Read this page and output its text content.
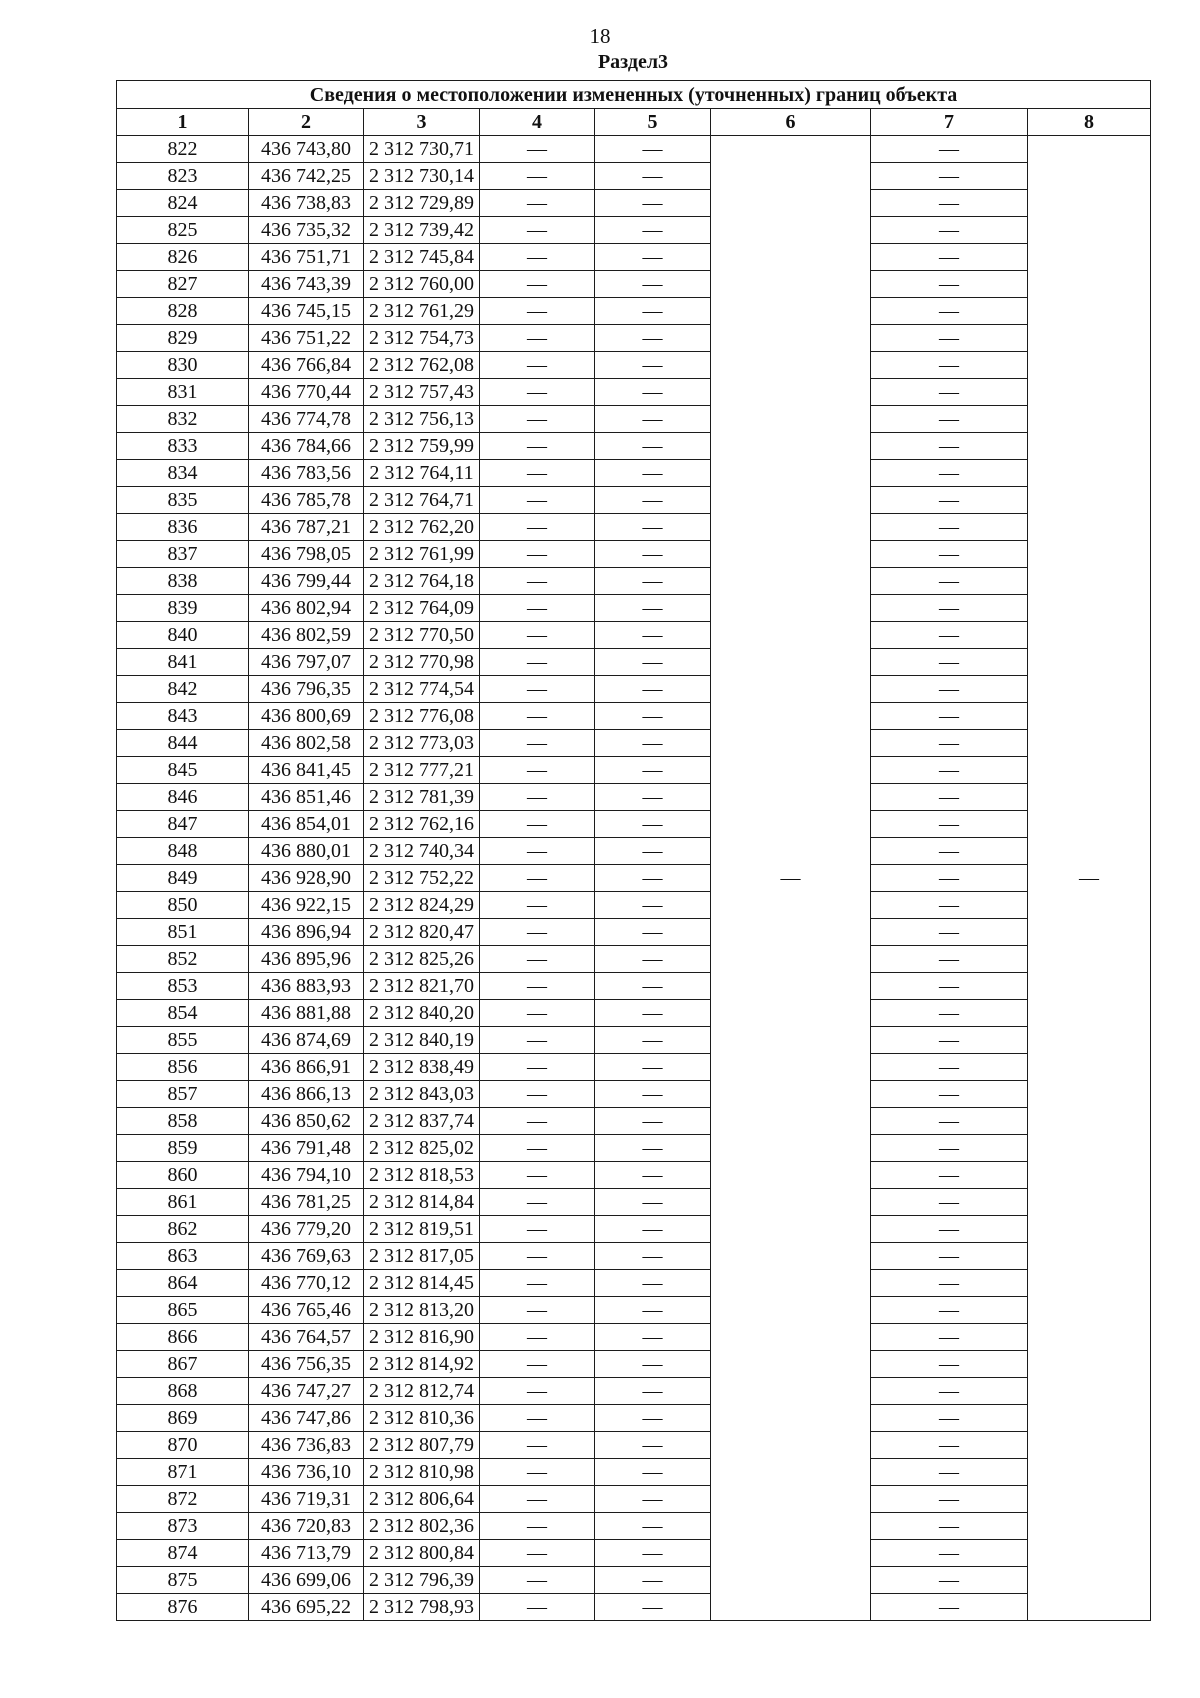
18
Раздел3
Сведения о местоположении измененных (уточненных) границ объекта							
1	2	3	4	5	6	7	8
822	436 743,80	2 312 730,71	—	—	—	—	—
823	436 742,25	2 312 730,14	—	—		—	
824	436 738,83	2 312 729,89	—	—		—	
825	436 735,32	2 312 739,42	—	—		—	
826	436 751,71	2 312 745,84	—	—		—	
827	436 743,39	2 312 760,00	—	—		—	
828	436 745,15	2 312 761,29	—	—		—	
829	436 751,22	2 312 754,73	—	—		—	
830	436 766,84	2 312 762,08	—	—		—	
831	436 770,44	2 312 757,43	—	—		—	
832	436 774,78	2 312 756,13	—	—		—	
833	436 784,66	2 312 759,99	—	—		—	
834	436 783,56	2 312 764,11	—	—		—	
835	436 785,78	2 312 764,71	—	—		—	
836	436 787,21	2 312 762,20	—	—		—	
837	436 798,05	2 312 761,99	—	—		—	
838	436 799,44	2 312 764,18	—	—		—	
839	436 802,94	2 312 764,09	—	—		—	
840	436 802,59	2 312 770,50	—	—		—	
841	436 797,07	2 312 770,98	—	—		—	
842	436 796,35	2 312 774,54	—	—		—	
843	436 800,69	2 312 776,08	—	—		—	
844	436 802,58	2 312 773,03	—	—		—	
845	436 841,45	2 312 777,21	—	—		—	
846	436 851,46	2 312 781,39	—	—		—	
847	436 854,01	2 312 762,16	—	—		—	
848	436 880,01	2 312 740,34	—	—		—	
849	436 928,90	2 312 752,22	—	—		—	
850	436 922,15	2 312 824,29	—	—		—	
851	436 896,94	2 312 820,47	—	—		—	
852	436 895,96	2 312 825,26	—	—		—	
853	436 883,93	2 312 821,70	—	—		—	
854	436 881,88	2 312 840,20	—	—		—	
855	436 874,69	2 312 840,19	—	—		—	
856	436 866,91	2 312 838,49	—	—		—	
857	436 866,13	2 312 843,03	—	—		—	
858	436 850,62	2 312 837,74	—	—		—	
859	436 791,48	2 312 825,02	—	—		—	
860	436 794,10	2 312 818,53	—	—		—	
861	436 781,25	2 312 814,84	—	—		—	
862	436 779,20	2 312 819,51	—	—		—	
863	436 769,63	2 312 817,05	—	—		—	
864	436 770,12	2 312 814,45	—	—		—	
865	436 765,46	2 312 813,20	—	—		—	
866	436 764,57	2 312 816,90	—	—		—	
867	436 756,35	2 312 814,92	—	—		—	
868	436 747,27	2 312 812,74	—	—		—	
869	436 747,86	2 312 810,36	—	—		—	
870	436 736,83	2 312 807,79	—	—		—	
871	436 736,10	2 312 810,98	—	—		—	
872	436 719,31	2 312 806,64	—	—		—	
873	436 720,83	2 312 802,36	—	—		—	
874	436 713,79	2 312 800,84	—	—		—	
875	436 699,06	2 312 796,39	—	—		—	
876	436 695,22	2 312 798,93	—	—		—	
